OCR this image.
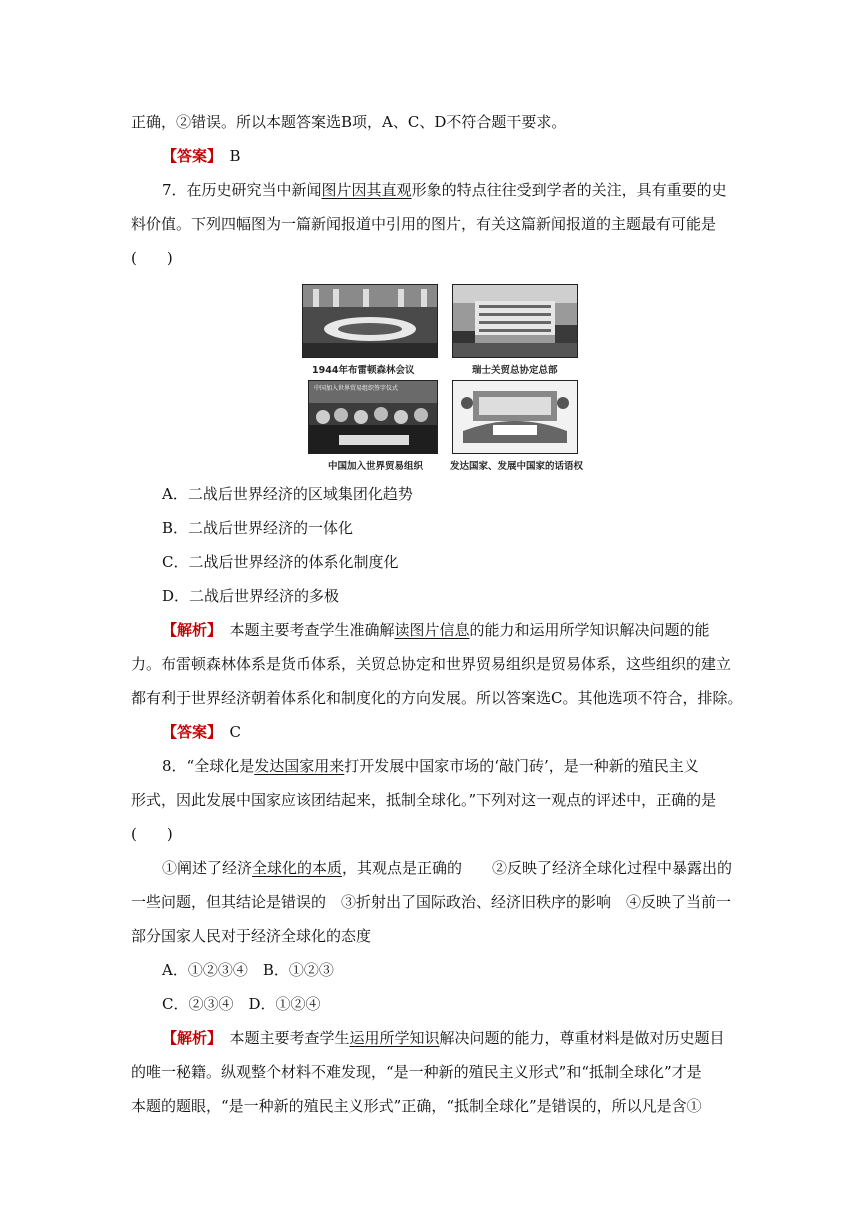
正确，②错误。所以本题答案选B项，A、C、D不符合题干要求。
【答案】　 B
7．在历史研究当中新闻图片因其直观形象的特点往往受到学者的关注，具有重要的史
料价值。下列四幅图为一篇新闻报道中引用的图片，有关这篇新闻报道的主题最有可能是
(　　)
1944年布雷顿森林会议	瑞士关贸总协定总部
中国加入世界贸易组织签字仪式
中国加入世界贸易组织	发达国家、发展中国家的话语权
A．二战后世界经济的区域集团化趋势
B．二战后世界经济的一体化
C．二战后世界经济的体系化制度化
D．二战后世界经济的多极
【解析】　本题主要考查学生准确解读图片信息的能力和运用所学知识解决问题的能
力。布雷顿森林体系是货币体系，关贸总协定和世界贸易组织是贸易体系，这些组织的建立
都有利于世界经济朝着体系化和制度化的方向发展。所以答案选C。其他选项不符合，排除。
【答案】　 C
8．“全球化是发达国家用来打开发展中国家市场的‘敲门砖’，是一种新的殖民主义
形式，因此发展中国家应该团结起来，抵制全球化。”下列对这一观点的评述中，正确的是
(　　)
①阐述了经济全球化的本质，其观点是正确的　　②反映了经济全球化过程中暴露出的
一些问题，但其结论是错误的　③折射出了国际政治、经济旧秩序的影响　④反映了当前一
部分国家人民对于经济全球化的态度
A．①②③④　B．①②③
C．②③④　D．①②④
【解析】　本题主要考查学生运用所学知识解决问题的能力，尊重材料是做对历史题目
的唯一秘籍。纵观整个材料不难发现，“是一种新的殖民主义形式”和“抵制全球化”才是
本题的题眼，“是一种新的殖民主义形式”正确，“抵制全球化”是错误的，所以凡是含①
